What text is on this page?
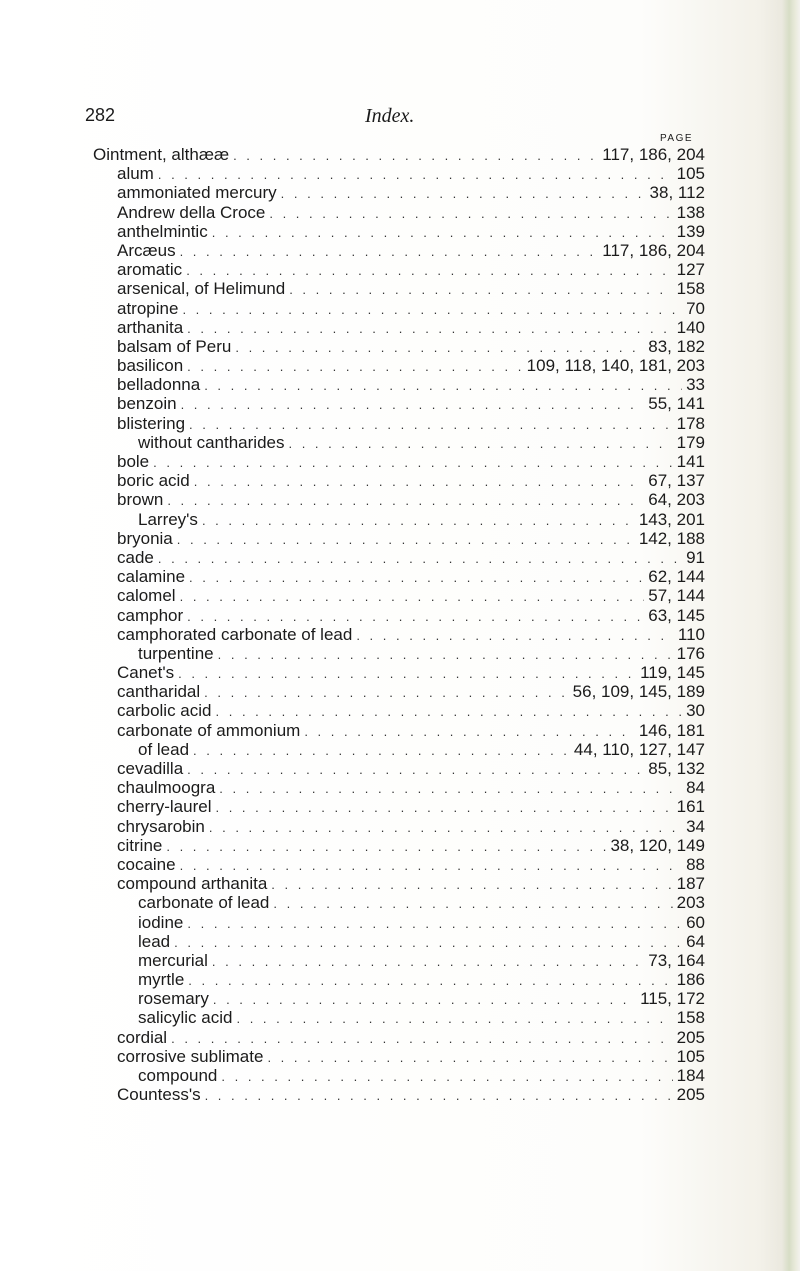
282	Index.
PAGE
Ointment, althææ . . .	117, 186, 204
alum . . .	105
ammoniated mercury . . .	38, 112
Andrew della Croce . . .	138
anthelmintic . . .	139
Arcæus . . .	117, 186, 204
aromatic . . .	127
arsenical, of Helimund . . .	158
atropine . . .	70
arthanita . . .	140
balsam of Peru . . .	83, 182
basilicon . . .	109, 118, 140, 181, 203
belladonna . . .	33
benzoin . . .	55, 141
blistering . . .	178
without cantharides . . .	179
bole . . .	141
boric acid . . .	67, 137
brown . . .	64, 203
Larrey's . . .	143, 201
bryonia . . .	142, 188
cade . . .	91
calamine . . .	62, 144
calomel . . .	57, 144
camphor . . .	63, 145
camphorated carbonate of lead . . .	110
turpentine . . .	176
Canet's . . .	119, 145
cantharidal . . .	56, 109, 145, 189
carbolic acid . . .	30
carbonate of ammonium . . .	146, 181
of lead . . .	44, 110, 127, 147
cevadilla . . .	85, 132
chaulmoogra . . .	84
cherry-laurel . . .	161
chrysarobin . . .	34
citrine . . .	38, 120, 149
cocaine . . .	88
compound arthanita . . .	187
carbonate of lead . . .	203
iodine . . .	60
lead . . .	64
mercurial . . .	73, 164
myrtle . . .	186
rosemary . . .	115, 172
salicylic acid . . .	158
cordial . . .	205
corrosive sublimate . . .	105
compound . . .	184
Countess's . . .	205
